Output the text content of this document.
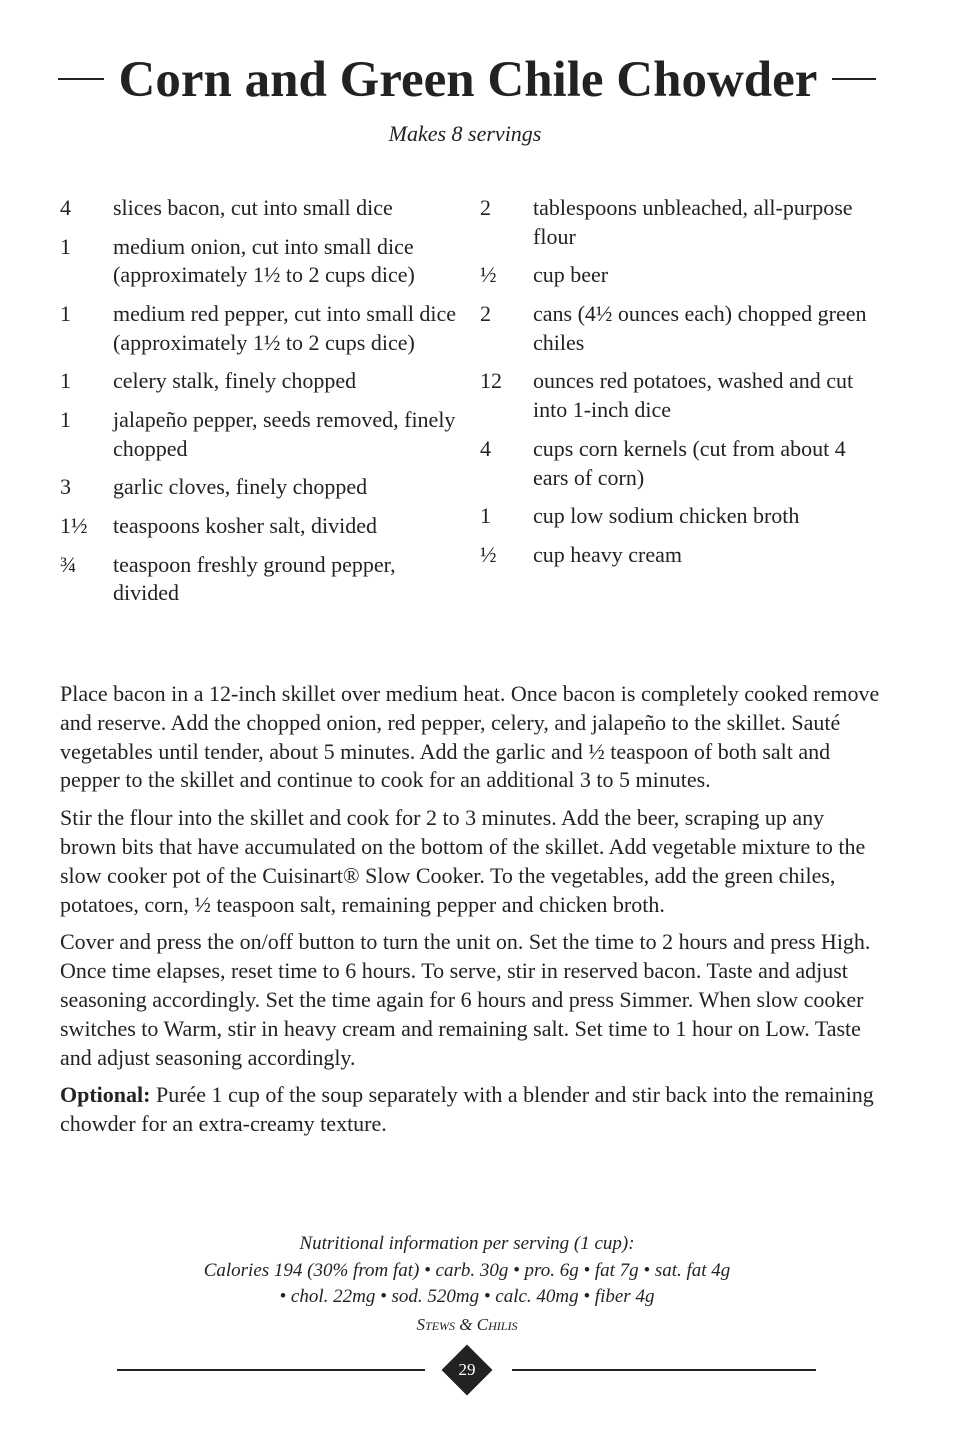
Corn and Green Chile Chowder
Makes 8 servings
4	slices bacon, cut into small dice
1	medium onion, cut into small dice (approximately 1½ to 2 cups dice)
1	medium red pepper, cut into small dice (approximately 1½ to 2 cups dice)
1	celery stalk, finely chopped
1	jalapeño pepper, seeds removed, finely chopped
3	garlic cloves, finely chopped
1½	teaspoons kosher salt, divided
¾	teaspoon freshly ground pepper, divided
2	tablespoons unbleached, all-purpose flour
½	cup beer
2	cans (4½ ounces each) chopped green chiles
12	ounces red potatoes, washed and cut into 1-inch dice
4	cups corn kernels (cut from about 4 ears of corn)
1	cup low sodium chicken broth
½	cup heavy cream

Place bacon in a 12-inch skillet over medium heat. Once bacon is completely cooked remove and reserve. Add the chopped onion, red pepper, celery, and jalapeño to the skillet. Sauté vegetables until tender, about 5 minutes. Add the garlic and ½ teaspoon of both salt and pepper to the skillet and continue to cook for an additional 3 to 5 minutes.

Stir the flour into the skillet and cook for 2 to 3 minutes. Add the beer, scraping up any brown bits that have accumulated on the bottom of the skillet. Add vegetable mixture to the slow cooker pot of the Cuisinart® Slow Cooker. To the vegetables, add the green chiles, potatoes, corn, ½ teaspoon salt, remaining pepper and chicken broth.

Cover and press the on/off button to turn the unit on. Set the time to 2 hours and press High. Once time elapses, reset time to 6 hours. To serve, stir in reserved bacon. Taste and adjust seasoning accordingly. Set the time again for 6 hours and press Simmer. When slow cooker switches to Warm, stir in heavy cream and remaining salt. Set time to 1 hour on Low. Taste and adjust seasoning accordingly.

Optional: Purée 1 cup of the soup separately with a blender and stir back into the remaining chowder for an extra-creamy texture.

Nutritional information per serving (1 cup):
Calories 194 (30% from fat) • carb. 30g • pro. 6g • fat 7g • sat. fat 4g
• chol. 22mg • sod. 520mg • calc. 40mg • fiber 4g
Stews & Chilis
29
